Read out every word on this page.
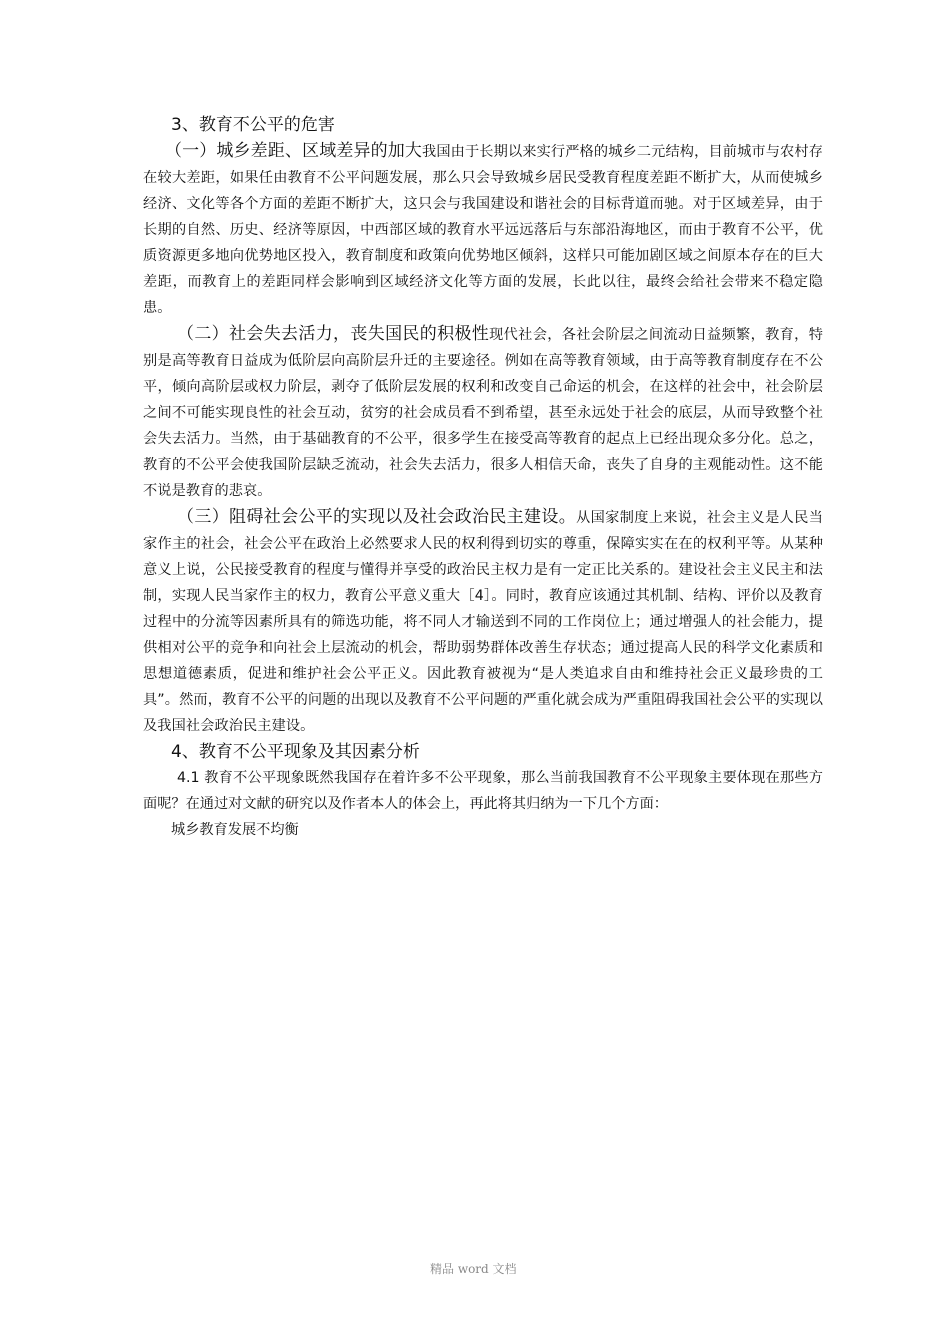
3、教育不公平的危害

（一）城乡差距、区域差异的加大我国由于长期以来实行严格的城乡二元结构，目前城市与农村存在较大差距，如果任由教育不公平问题发展，那么只会导致城乡居民受教育程度差距不断扩大，从而使城乡经济、文化等各个方面的差距不断扩大，这只会与我国建设和谐社会的目标背道而驰。对于区域差异，由于长期的自然、历史、经济等原因，中西部区域的教育水平远远落后与东部沿海地区，而由于教育不公平，优质资源更多地向优势地区投入，教育制度和政策向优势地区倾斜，这样只可能加剧区域之间原本存在的巨大差距，而教育上的差距同样会影响到区域经济文化等方面的发展，长此以往，最终会给社会带来不稳定隐患。

（二）社会失去活力，丧失国民的积极性现代社会，各社会阶层之间流动日益频繁，教育，特别是高等教育日益成为低阶层向高阶层升迁的主要途径。例如在高等教育领域，由于高等教育制度存在不公平，倾向高阶层或权力阶层，剥夺了低阶层发展的权利和改变自己命运的机会，在这样的社会中，社会阶层之间不可能实现良性的社会互动，贫穷的社会成员看不到希望，甚至永远处于社会的底层，从而导致整个社会失去活力。当然，由于基础教育的不公平，很多学生在接受高等教育的起点上已经出现众多分化。总之，教育的不公平会使我国阶层缺乏流动，社会失去活力，很多人相信天命，丧失了自身的主观能动性。这不能不说是教育的悲哀。

（三）阻碍社会公平的实现以及社会政治民主建设。从国家制度上来说，社会主义是人民当家作主的社会，社会公平在政治上必然要求人民的权利得到切实的尊重，保障实实在在的权利平等。从某种意义上说，公民接受教育的程度与懂得并享受的政治民主权力是有一定正比关系的。建设社会主义民主和法制，实现人民当家作主的权力，教育公平意义重大［4］。同时，教育应该通过其机制、结构、评价以及教育过程中的分流等因素所具有的筛选功能，将不同人才输送到不同的工作岗位上；通过增强人的社会能力，提供相对公平的竞争和向社会上层流动的机会，帮助弱势群体改善生存状态；通过提高人民的科学文化素质和思想道德素质，促进和维护社会公平正义。因此教育被视为“是人类追求自由和维持社会正义最珍贵的工具”。然而，教育不公平的问题的出现以及教育不公平问题的严重化就会成为严重阻碍我国社会公平的实现以及我国社会政治民主建设。

4、教育不公平现象及其因素分析

4.1 教育不公平现象既然我国存在着许多不公平现象，那么当前我国教育不公平现象主要体现在那些方面呢？在通过对文献的研究以及作者本人的体会上，再此将其归纳为一下几个方面：

城乡教育发展不均衡

精品 word 文档
